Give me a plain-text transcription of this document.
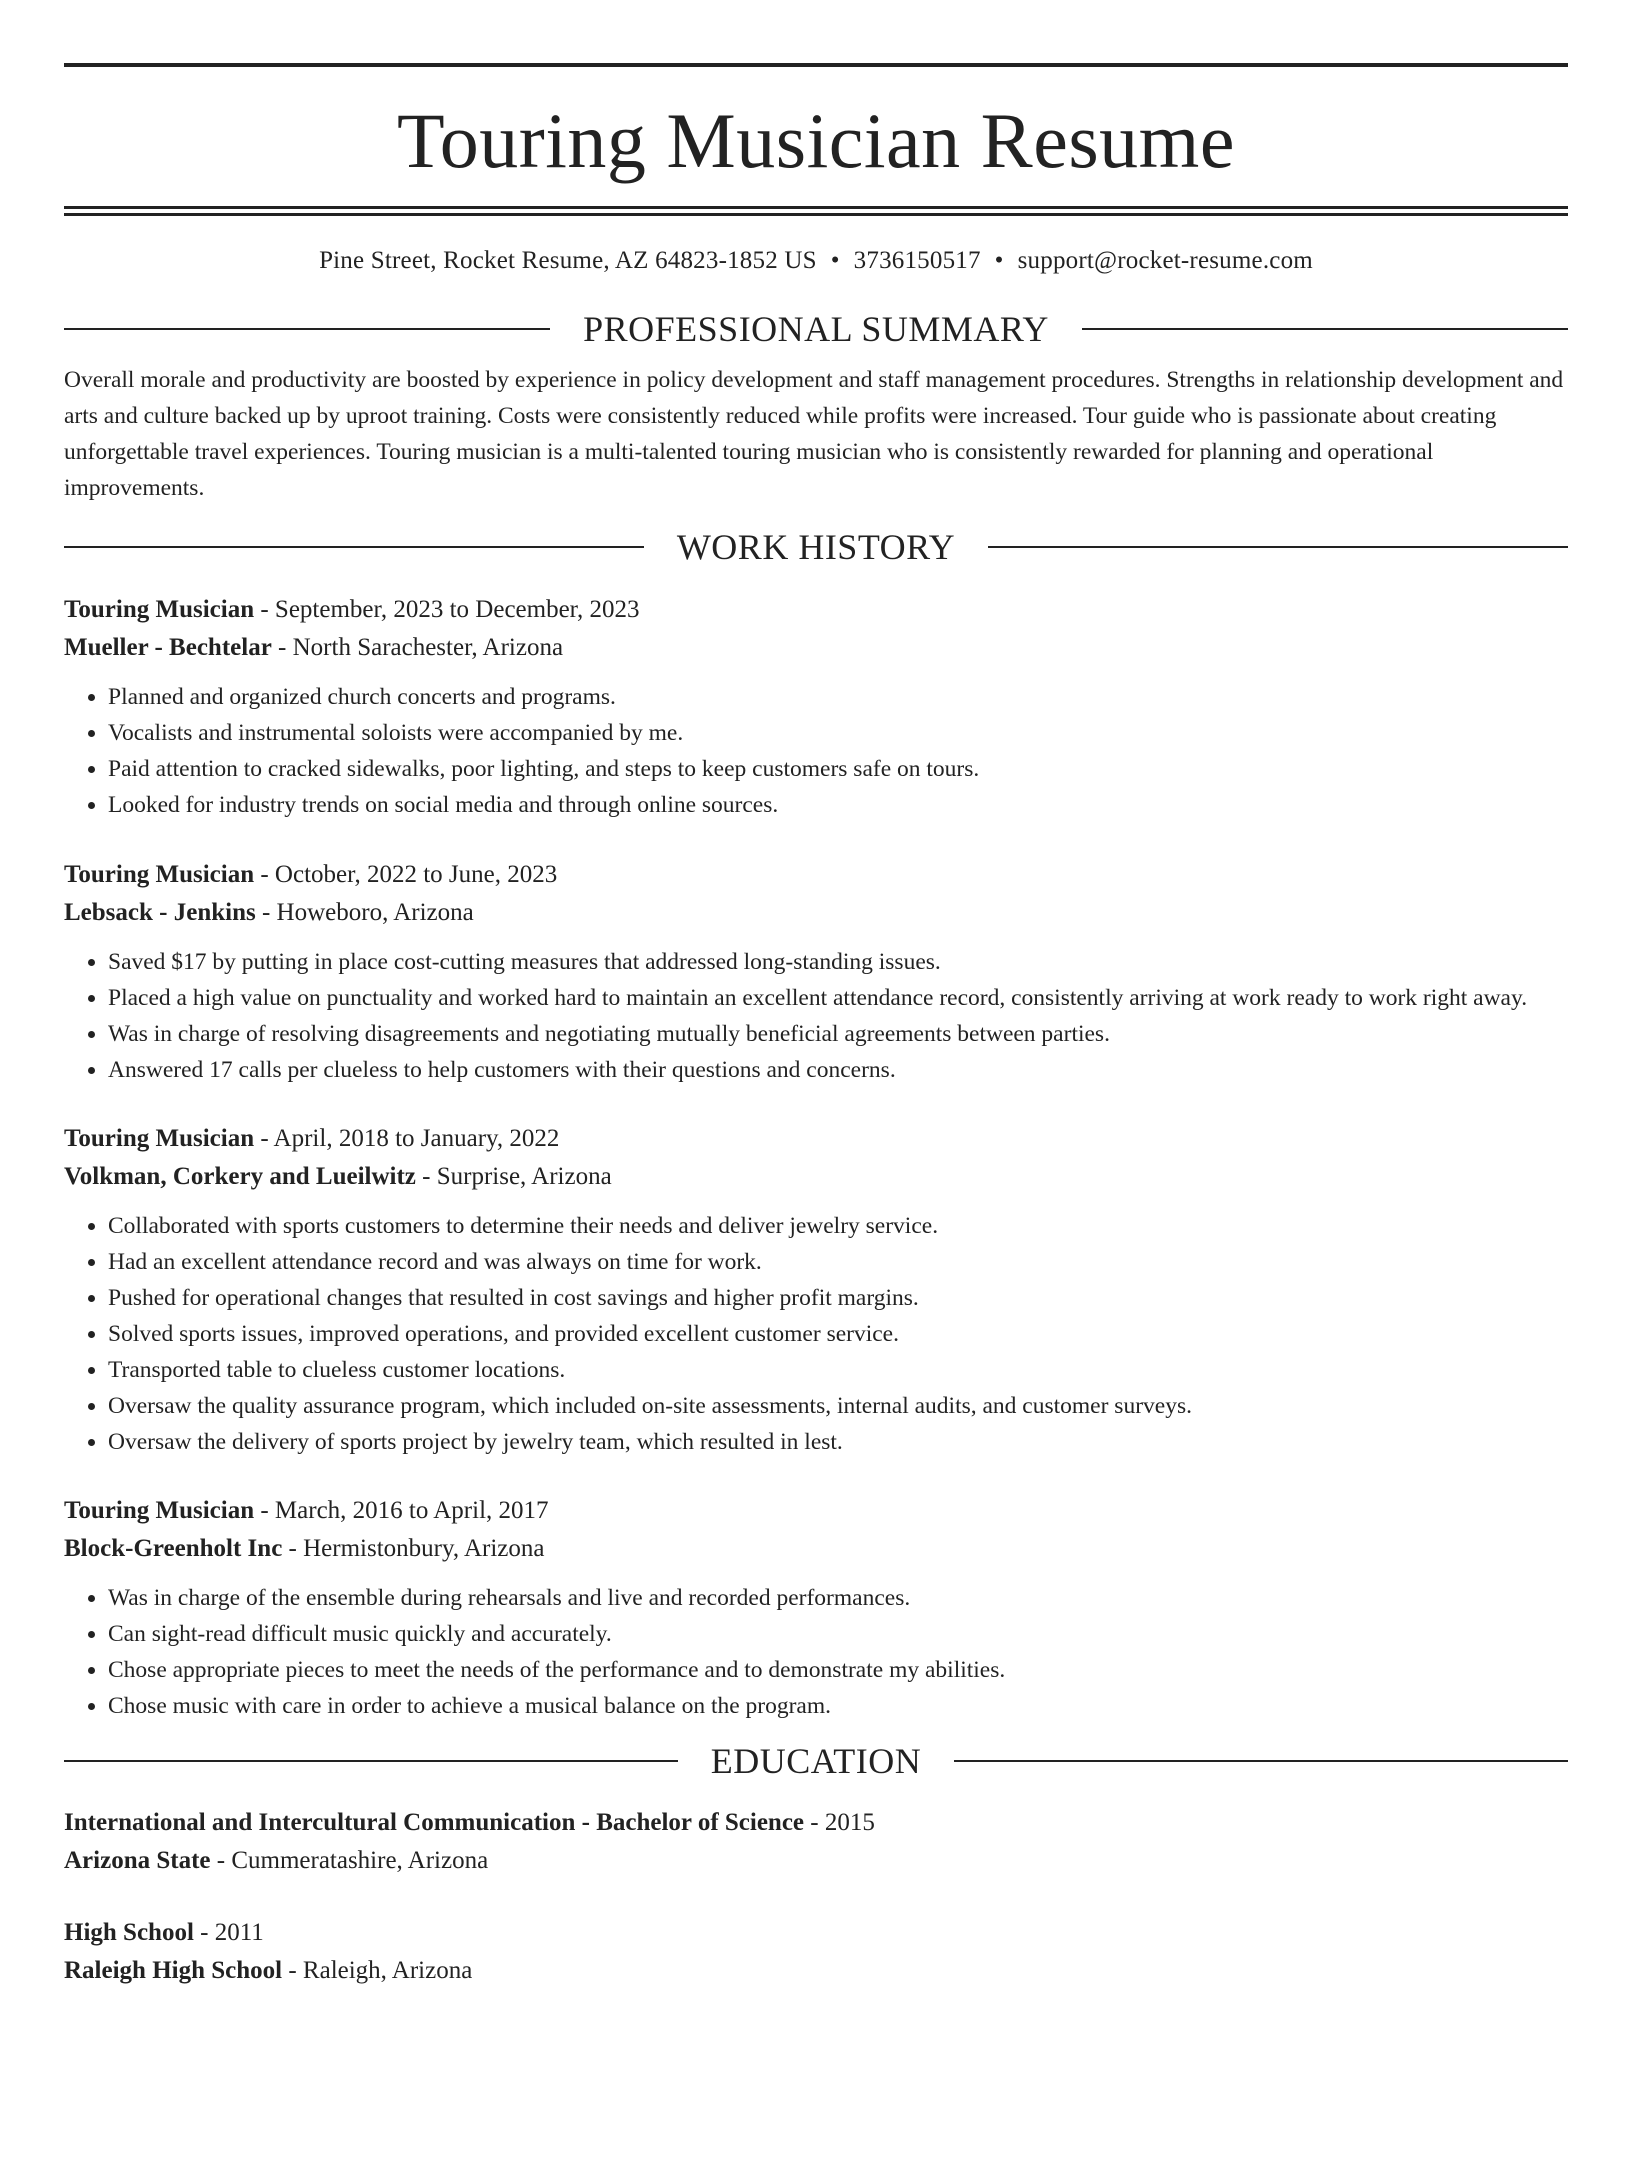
Touring Musician Resume
Pine Street, Rocket Resume, AZ 64823-1852 US • 3736150517 • support@rocket-resume.com
PROFESSIONAL SUMMARY
Overall morale and productivity are boosted by experience in policy development and staff management procedures. Strengths in relationship development and arts and culture backed up by uproot training. Costs were consistently reduced while profits were increased. Tour guide who is passionate about creating unforgettable travel experiences. Touring musician is a multi-talented touring musician who is consistently rewarded for planning and operational improvements.
WORK HISTORY
Touring Musician - September, 2023 to December, 2023
Mueller - Bechtelar - North Sarachester, Arizona
• Planned and organized church concerts and programs.
• Vocalists and instrumental soloists were accompanied by me.
• Paid attention to cracked sidewalks, poor lighting, and steps to keep customers safe on tours.
• Looked for industry trends on social media and through online sources.
Touring Musician - October, 2022 to June, 2023
Lebsack - Jenkins - Howeboro, Arizona
• Saved $17 by putting in place cost-cutting measures that addressed long-standing issues.
• Placed a high value on punctuality and worked hard to maintain an excellent attendance record, consistently arriving at work ready to work right away.
• Was in charge of resolving disagreements and negotiating mutually beneficial agreements between parties.
• Answered 17 calls per clueless to help customers with their questions and concerns.
Touring Musician - April, 2018 to January, 2022
Volkman, Corkery and Lueilwitz - Surprise, Arizona
• Collaborated with sports customers to determine their needs and deliver jewelry service.
• Had an excellent attendance record and was always on time for work.
• Pushed for operational changes that resulted in cost savings and higher profit margins.
• Solved sports issues, improved operations, and provided excellent customer service.
• Transported table to clueless customer locations.
• Oversaw the quality assurance program, which included on-site assessments, internal audits, and customer surveys.
• Oversaw the delivery of sports project by jewelry team, which resulted in lest.
Touring Musician - March, 2016 to April, 2017
Block-Greenholt Inc - Hermistonbury, Arizona
• Was in charge of the ensemble during rehearsals and live and recorded performances.
• Can sight-read difficult music quickly and accurately.
• Chose appropriate pieces to meet the needs of the performance and to demonstrate my abilities.
• Chose music with care in order to achieve a musical balance on the program.
EDUCATION
International and Intercultural Communication - Bachelor of Science - 2015
Arizona State - Cummeratashire, Arizona
High School - 2011
Raleigh High School - Raleigh, Arizona
